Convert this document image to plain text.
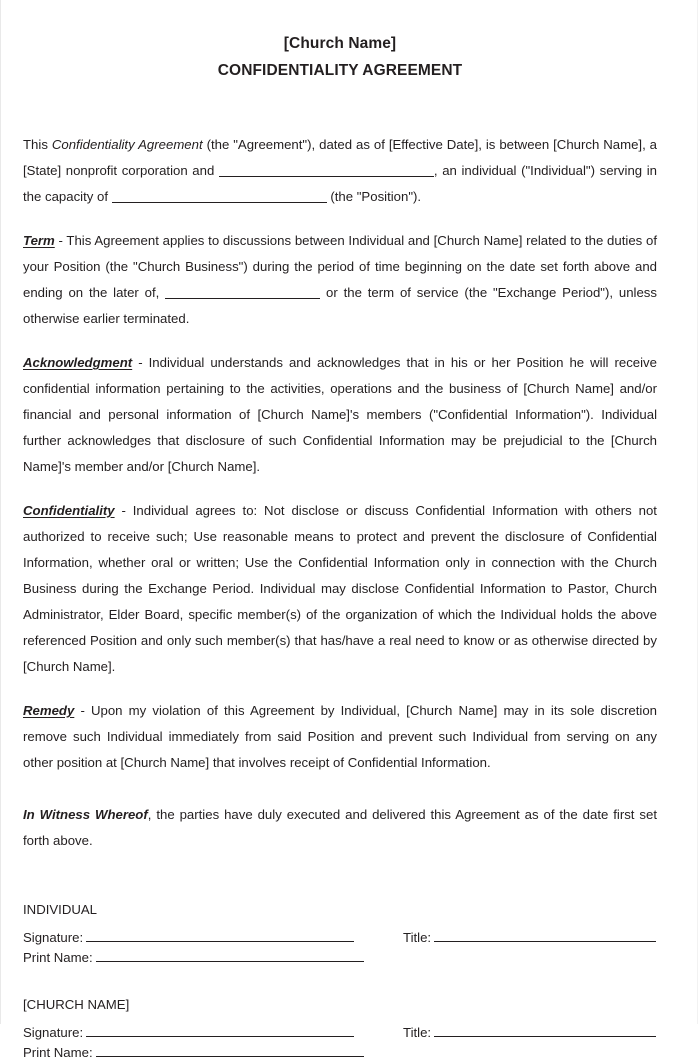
[Church Name]
CONFIDENTIALITY AGREEMENT

This Confidentiality Agreement (the "Agreement"), dated as of [Effective Date], is between [Church Name], a [State] nonprofit corporation and	, an individual ("Individual") serving in the capacity of	(the "Position").

Term - This Agreement applies to discussions between Individual and [Church Name] related to the duties of your Position (the "Church Business") during the period of time beginning on the date set forth above and ending on the later of,	or the term of service (the "Exchange Period"), unless otherwise earlier terminated.

Acknowledgment - Individual understands and acknowledges that in his or her Position he will receive confidential information pertaining to the activities, operations and the business of [Church Name] and/or financial and personal information of [Church Name]'s members ("Confidential Information"). Individual further acknowledges that disclosure of such Confidential Information may be prejudicial to the [Church Name]'s member and/or [Church Name].

Confidentiality - Individual agrees to: Not disclose or discuss Confidential Information with others not authorized to receive such; Use reasonable means to protect and prevent the disclosure of Confidential Information, whether oral or written; Use the Confidential Information only in connection with the Church Business during the Exchange Period. Individual may disclose Confidential Information to Pastor, Church Administrator, Elder Board, specific member(s) of the organization of which the Individual holds the above referenced Position and only such member(s) that has/have a real need to know or as otherwise directed by [Church Name].

Remedy - Upon my violation of this Agreement by Individual, [Church Name] may in its sole discretion remove such Individual immediately from said Position and prevent such Individual from serving on any other position at [Church Name] that involves receipt of Confidential Information.

In Witness Whereof, the parties have duly executed and delivered this Agreement as of the date first set forth above.

INDIVIDUAL
Signature:	Title:
Print Name:
[CHURCH NAME]
Signature:	Title:
Print Name:
